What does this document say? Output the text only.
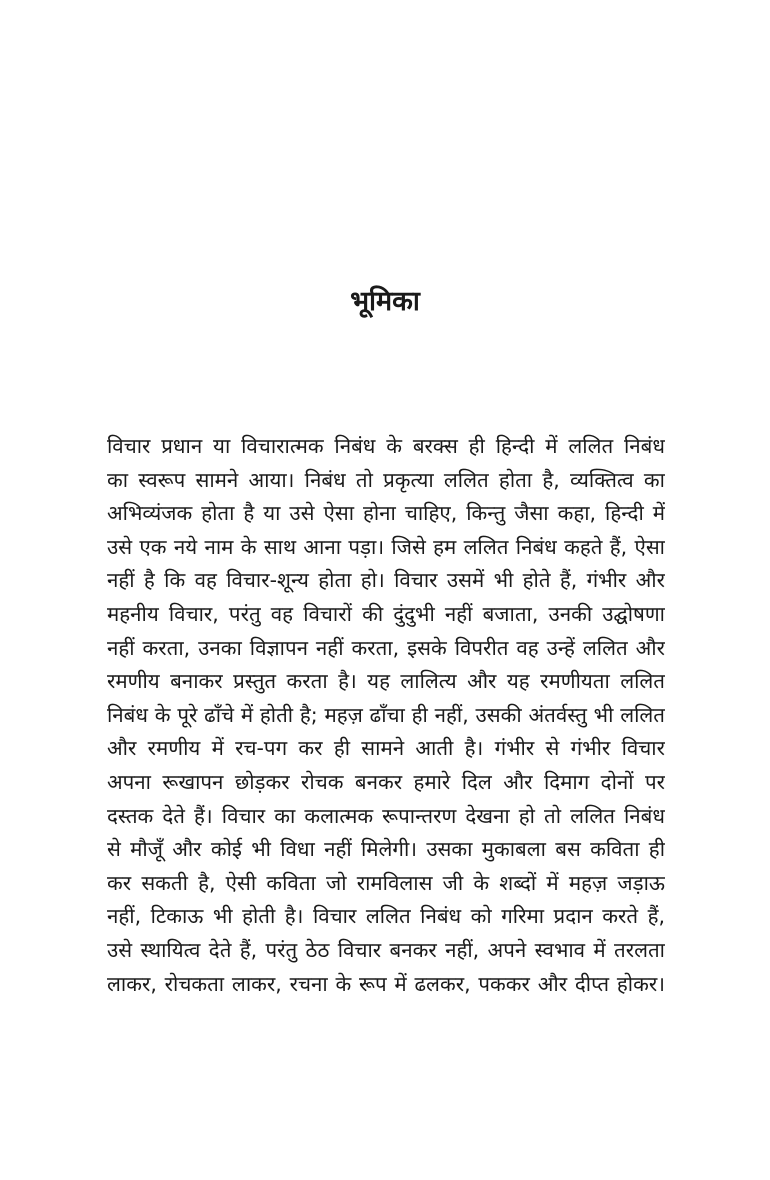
भूमिका
विचार प्रधान या विचारात्मक निबंध के बरक्स ही हिन्दी में ललित निबंध
का स्वरूप सामने आया। निबंध तो प्रकृत्या ललित होता है, व्यक्तित्व का
अभिव्यंजक होता है या उसे ऐसा होना चाहिए, किन्तु जैसा कहा, हिन्दी में
उसे एक नये नाम के साथ आना पड़ा। जिसे हम ललित निबंध कहते हैं, ऐसा
नहीं है कि वह विचार-शून्य होता हो। विचार उसमें भी होते हैं, गंभीर और
महनीय विचार, परंतु वह विचारों की दुंदुभी नहीं बजाता, उनकी उद्घोषणा
नहीं करता, उनका विज्ञापन नहीं करता, इसके विपरीत वह उन्हें ललित और
रमणीय बनाकर प्रस्तुत करता है। यह लालित्य और यह रमणीयता ललित
निबंध के पूरे ढाँचे में होती है; महज़ ढाँचा ही नहीं, उसकी अंतर्वस्तु भी ललित
और रमणीय में रच-पग कर ही सामने आती है। गंभीर से गंभीर विचार
अपना रूखापन छोड़कर रोचक बनकर हमारे दिल और दिमाग दोनों पर
दस्तक देते हैं। विचार का कलात्मक रूपान्तरण देखना हो तो ललित निबंध
से मौजूँ और कोई भी विधा नहीं मिलेगी। उसका मुकाबला बस कविता ही
कर सकती है, ऐसी कविता जो रामविलास जी के शब्दों में महज़ जड़ाऊ
नहीं, टिकाऊ भी होती है। विचार ललित निबंध को गरिमा प्रदान करते हैं,
उसे स्थायित्व देते हैं, परंतु ठेठ विचार बनकर नहीं, अपने स्वभाव में तरलता
लाकर, रोचकता लाकर, रचना के रूप में ढलकर, पककर और दीप्त होकर।
